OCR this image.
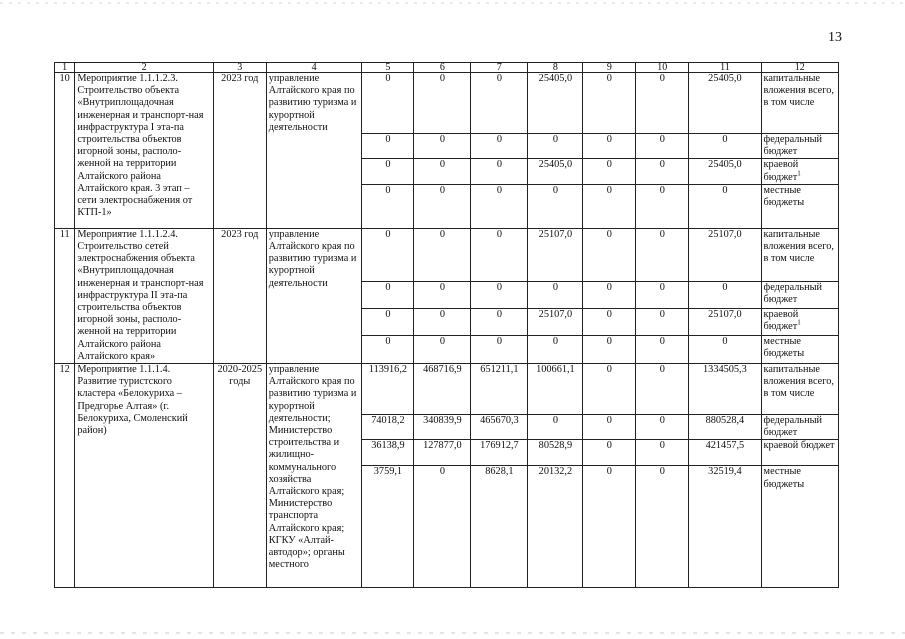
13
1	2	3	4	5	6	7	8	9	10	11	12
10	Мероприятие 1.1.1.2.3. Строительство объекта «Внутриплощадочная инженерная и транспорт-ная инфраструктура I эта-па строительства объектов игорной зоны, располо-женной на территории Алтайского района Алтайского края. 3 этап – сети электроснабжения от КТП-1»	2023 год	управление Алтайского края по развитию туризма и курортной деятельности	0	0	0	25405,0	0	0	25405,0	капитальные вложения всего, в том числе
				0	0	0	0	0	0	0	федеральный бюджет
				0	0	0	25405,0	0	0	25405,0	краевой бюджет$^1$
				0	0	0	0	0	0	0	местные бюджеты
11	Мероприятие 1.1.1.2.4. Строительство сетей электроснабжения объекта «Внутриплощадочная инженерная и транспорт-ная инфраструктура II эта-па строительства объектов игорной зоны, располо-женной на территории Алтайского района Алтайского края»	2023 год	управление Алтайского края по развитию туризма и курортной деятельности	0	0	0	25107,0	0	0	25107,0	капитальные вложения всего, в том числе
				0	0	0	0	0	0	0	федеральный бюджет
				0	0	0	25107,0	0	0	25107,0	краевой бюджет$^1$
				0	0	0	0	0	0	0	местные бюджеты
12	Мероприятие 1.1.1.4. Развитие туристского кластера «Белокуриха – Предгорье Алтая» (г. Белокуриха, Смоленский район)	2020-2025 годы	управление Алтайского края по развитию туризма и курортной деятельности; Министерство строительства и жилищно-коммунального хозяйства Алтайского края; Министерство транспорта Алтайского края; КГКУ «Алтай-автодор»; органы местного	113916,2	468716,9	651211,1	100661,1	0	0	1334505,3	капитальные вложения всего, в том числе
				74018,2	340839,9	465670,3	0	0	0	880528,4	федеральный бюджет
				36138,9	127877,0	176912,7	80528,9	0	0	421457,5	краевой бюджет
				3759,1	0	8628,1	20132,2	0	0	32519,4	местные бюджеты
